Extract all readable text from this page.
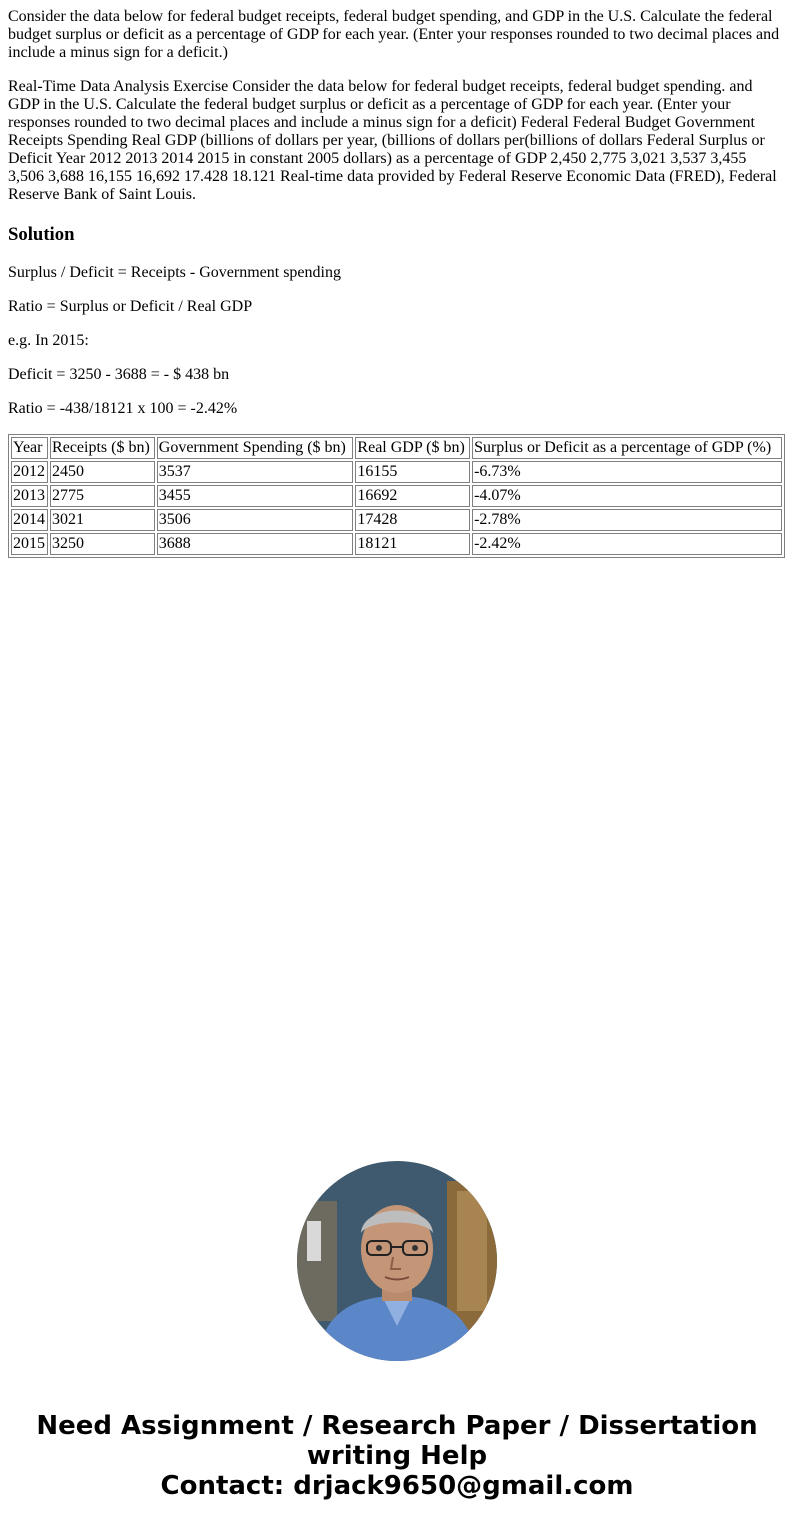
Consider the data below for federal budget receipts, federal budget spending, and GDP in the U.S. Calculate the federal budget surplus or deficit as a percentage of GDP for each year. (Enter your responses rounded to two decimal places and include a minus sign for a deficit.)

Real-Time Data Analysis Exercise Consider the data below for federal budget receipts, federal budget spending. and GDP in the U.S. Calculate the federal budget surplus or deficit as a percentage of GDP for each year. (Enter your responses rounded to two decimal places and include a minus sign for a deficit) Federal Federal Budget Government Receipts Spending Real GDP (billions of dollars per year, (billions of dollars per(billions of dollars Federal Surplus or Deficit Year 2012 2013 2014 2015 in constant 2005 dollars) as a percentage of GDP 2,450 2,775 3,021 3,537 3,455 3,506 3,688 16,155 16,692 17.428 18.121 Real-time data provided by Federal Reserve Economic Data (FRED), Federal Reserve Bank of Saint Louis.

Solution

Surplus / Deficit = Receipts - Government spending

Ratio = Surplus or Deficit / Real GDP

e.g. In 2015:

Deficit = 3250 - 3688 = - $ 438 bn

Ratio = -438/18121 x 100 = -2.42%

Year	Receipts ($ bn)	Government Spending ($ bn)	Real GDP ($ bn)	Surplus or Deficit as a percentage of GDP (%)
2012	2450	3537	16155	-6.73%
2013	2775	3455	16692	-4.07%
2014	3021	3506	17428	-2.78%
2015	3250	3688	18121	-2.42%
Need Assignment / Research Paper / Dissertation
writing Help
Contact: drjack9650@gmail.com
